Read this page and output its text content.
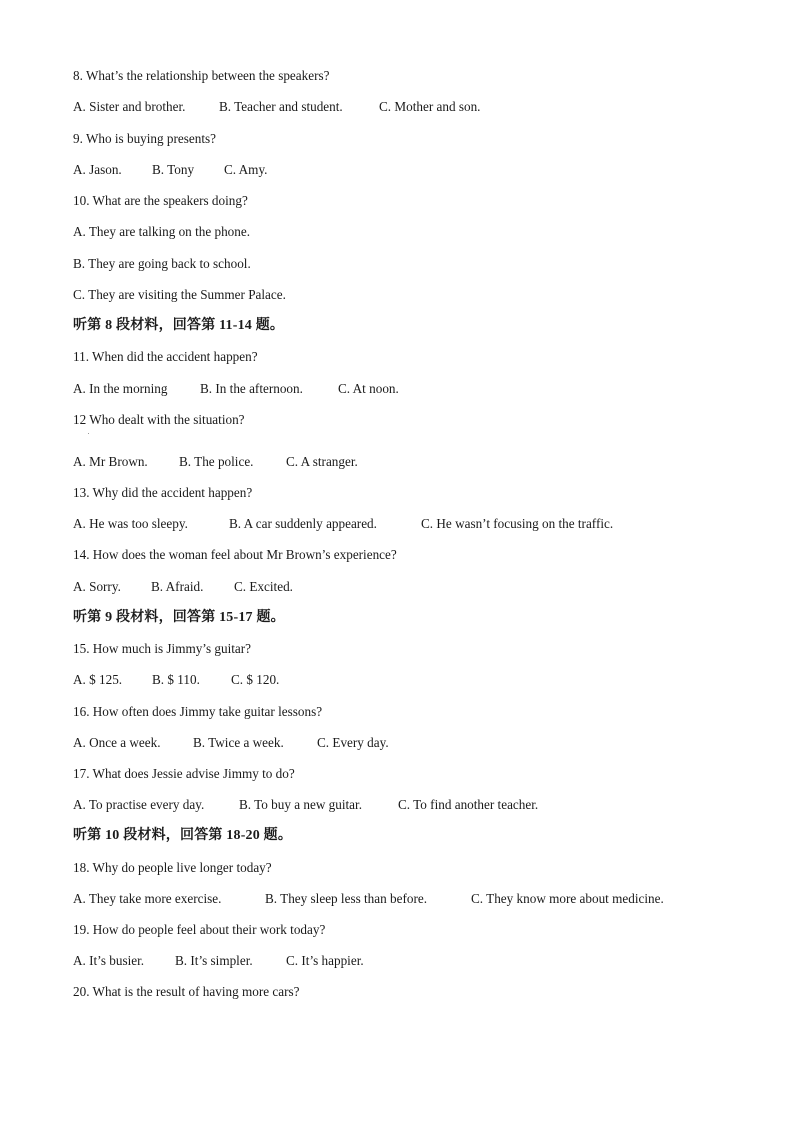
8. What’s the relationship between the speakers?
A. Sister and brother.	B. Teacher and student.	C. Mother and son.
9. Who is buying presents?
A. Jason. B. Tony C. Amy.
10. What are the speakers doing?
A. They are talking on the phone.
B. They are going back to school.
C. They are visiting the Summer Palace.
听第 8 段材料，回答第 11-14 题。
11. When did the accident happen?
A. In the morning B. In the afternoon.	C. At noon.
12 Who dealt with the situation?
A. Mr Brown. B. The police. C. A stranger.
13. Why did the accident happen?
A. He was too sleepy.	B. A car suddenly appeared.	C. He wasn’t focusing on the traffic.
14. How does the woman feel about Mr Brown’s experience?
A. Sorry. B. Afraid. C. Excited.
听第 9 段材料，回答第 15-17 题。
15. How much is Jimmy’s guitar?
A. $ 125. B. $ 110. C. $ 120.
16. How often does Jimmy take guitar lessons?
A. Once a week. B. Twice a week.	C. Every day.
17. What does Jessie advise Jimmy to do?
A. To practise every day.	B. To buy a new guitar.	C. To find another teacher.
听第 10 段材料，回答第 18-20 题。
18. Why do people live longer today?
A. They take more exercise.	B. They sleep less than before.	C. They know more about medicine.
19. How do people feel about their work today?
A. It’s busier. B. It’s simpler.	C. It’s happier.
20. What is the result of having more cars?
